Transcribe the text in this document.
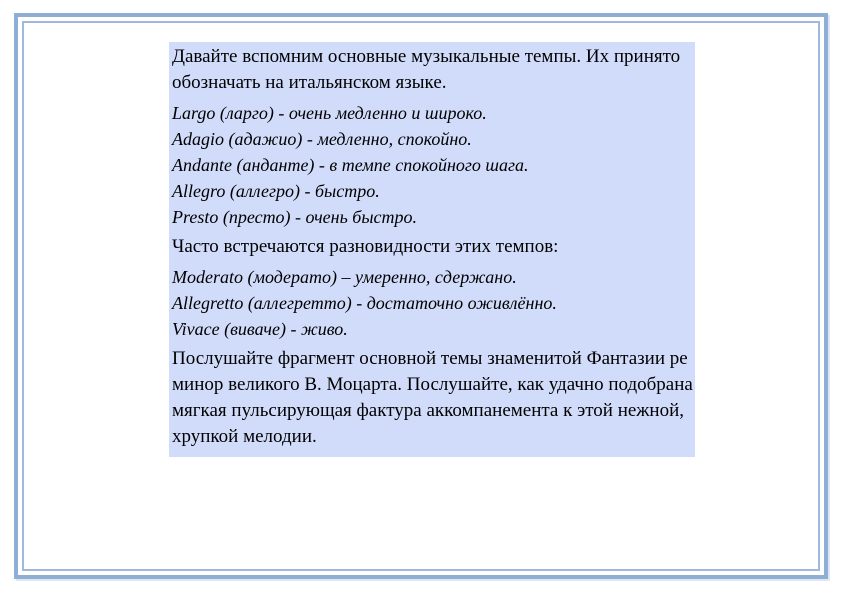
Давайте вспомним основные музыкальные темпы. Их принято обозначать на итальянском языке.

Largo (ларго) - очень медленно и широко.
Adagio (адажио) - медленно, спокойно.
Andante (анданте) - в темпе спокойного шага.
Allegro (аллегро) - быстро.
Presto (престо) - очень быстро.

Часто встречаются разновидности этих темпов:

Moderato (модерато) – умеренно, сдержано.
Allegretto (аллегретто) - достаточно оживлённо.
Vivace (виваче) - живо.

Послушайте фрагмент основной темы знаменитой Фантазии ре минор великого В. Моцарта. Послушайте, как удачно подобрана мягкая пульсирующая фактура аккомпанемента к этой нежной, хрупкой мелодии.
